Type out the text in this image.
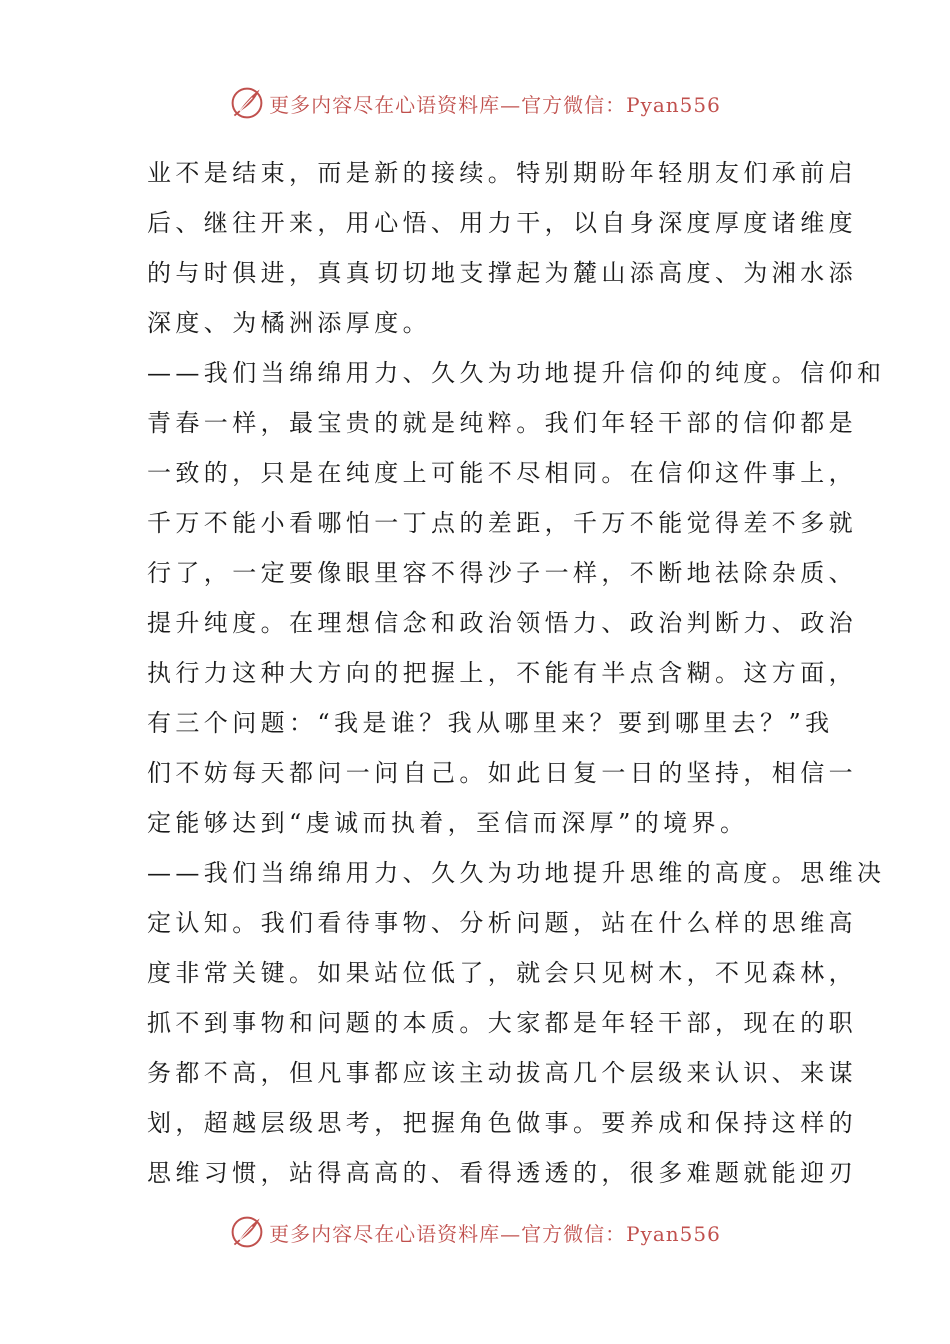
更多内容尽在心语资料库—官方微信：Pyan556
业不是结束，而是新的接续。特别期盼年轻朋友们承前启
后、继往开来，用心悟、用力干，以自身深度厚度诸维度
的与时俱进，真真切切地支撑起为麓山添高度、为湘水添
深度、为橘洲添厚度。
——我们当绵绵用力、久久为功地提升信仰的纯度。信仰和
青春一样，最宝贵的就是纯粹。我们年轻干部的信仰都是
一致的，只是在纯度上可能不尽相同。在信仰这件事上，
千万不能小看哪怕一丁点的差距，千万不能觉得差不多就
行了，一定要像眼里容不得沙子一样，不断地祛除杂质、
提升纯度。在理想信念和政治领悟力、政治判断力、政治
执行力这种大方向的把握上，不能有半点含糊。这方面，
有三个问题：“我是谁？我从哪里来？要到哪里去？”我
们不妨每天都问一问自己。如此日复一日的坚持，相信一
定能够达到“虔诚而执着，至信而深厚”的境界。
——我们当绵绵用力、久久为功地提升思维的高度。思维决
定认知。我们看待事物、分析问题，站在什么样的思维高
度非常关键。如果站位低了，就会只见树木，不见森林，
抓不到事物和问题的本质。大家都是年轻干部，现在的职
务都不高，但凡事都应该主动拔高几个层级来认识、来谋
划，超越层级思考，把握角色做事。要养成和保持这样的
思维习惯，站得高高的、看得透透的，很多难题就能迎刃
更多内容尽在心语资料库—官方微信：Pyan556
